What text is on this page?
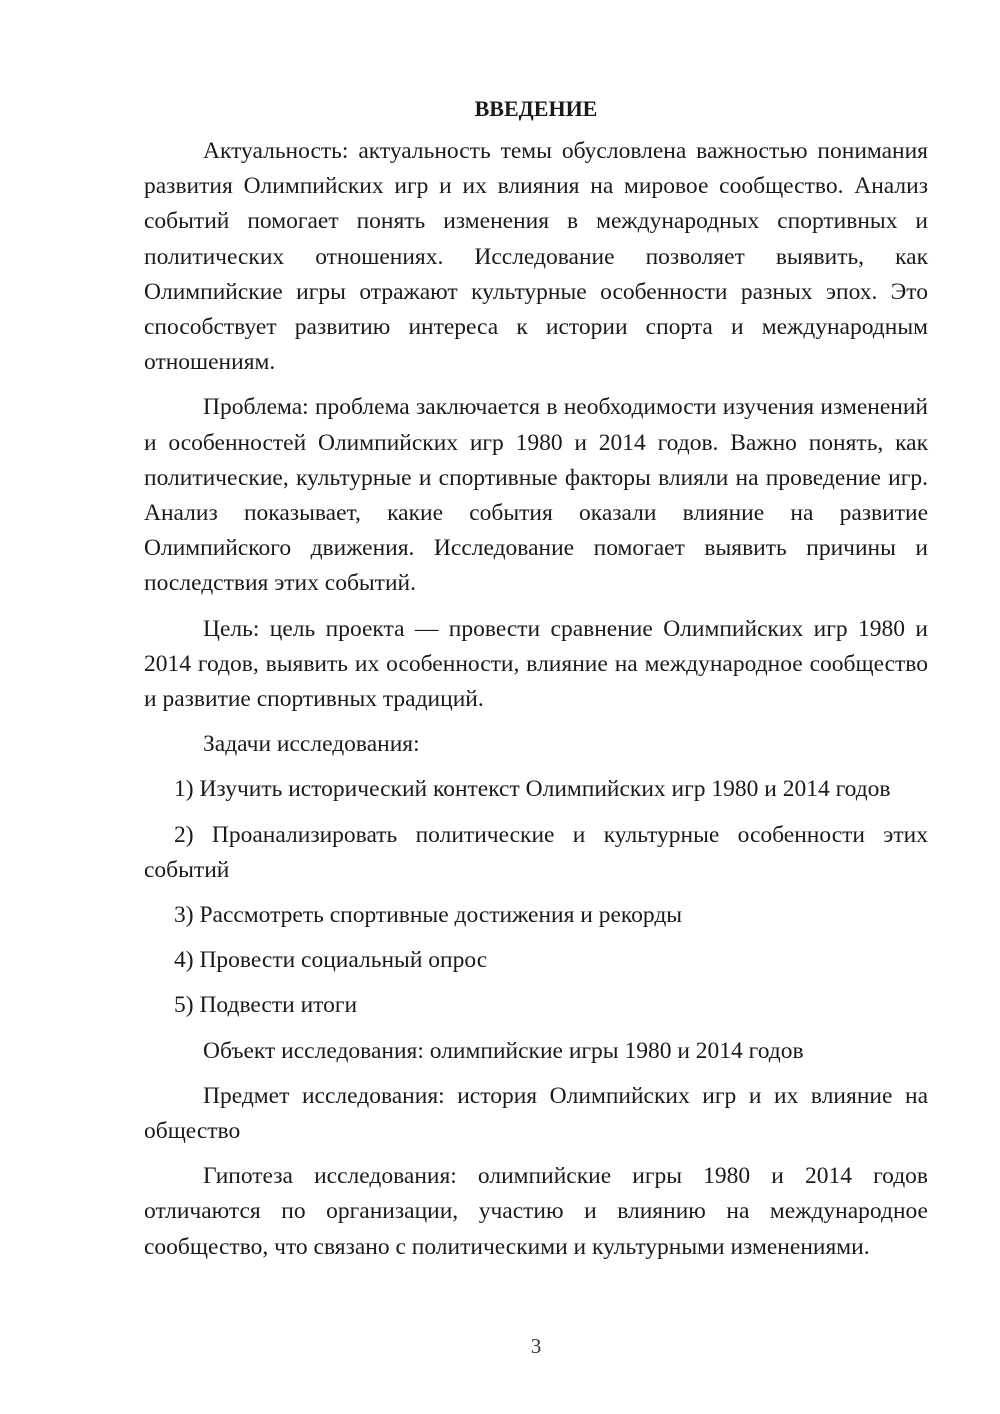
ВВЕДЕНИЕ

Актуальность: актуальность темы обусловлена важностью понимания развития Олимпийских игр и их влияния на мировое сообщество. Анализ событий помогает понять изменения в международных спортивных и политических отношениях. Исследование позволяет выявить, как Олимпийские игры отражают культурные особенности разных эпох. Это способствует развитию интереса к истории спорта и международным отношениям.

Проблема: проблема заключается в необходимости изучения изменений и особенностей Олимпийских игр 1980 и 2014 годов. Важно понять, как политические, культурные и спортивные факторы влияли на проведение игр. Анализ показывает, какие события оказали влияние на развитие Олимпийского движения. Исследование помогает выявить причины и последствия этих событий.

Цель: цель проекта — провести сравнение Олимпийских игр 1980 и 2014 годов, выявить их особенности, влияние на международное сообщество и развитие спортивных традиций.

Задачи исследования:

1) Изучить исторический контекст Олимпийских игр 1980 и 2014 годов

2) Проанализировать политические и культурные особенности этих событий

3) Рассмотреть спортивные достижения и рекорды

4) Провести социальный опрос

5) Подвести итоги

Объект исследования: олимпийские игры 1980 и 2014 годов

Предмет исследования: история Олимпийских игр и их влияние на общество

Гипотеза исследования: олимпийские игры 1980 и 2014 годов отличаются по организации, участию и влиянию на международное сообщество, что связано с политическими и культурными изменениями.

3
